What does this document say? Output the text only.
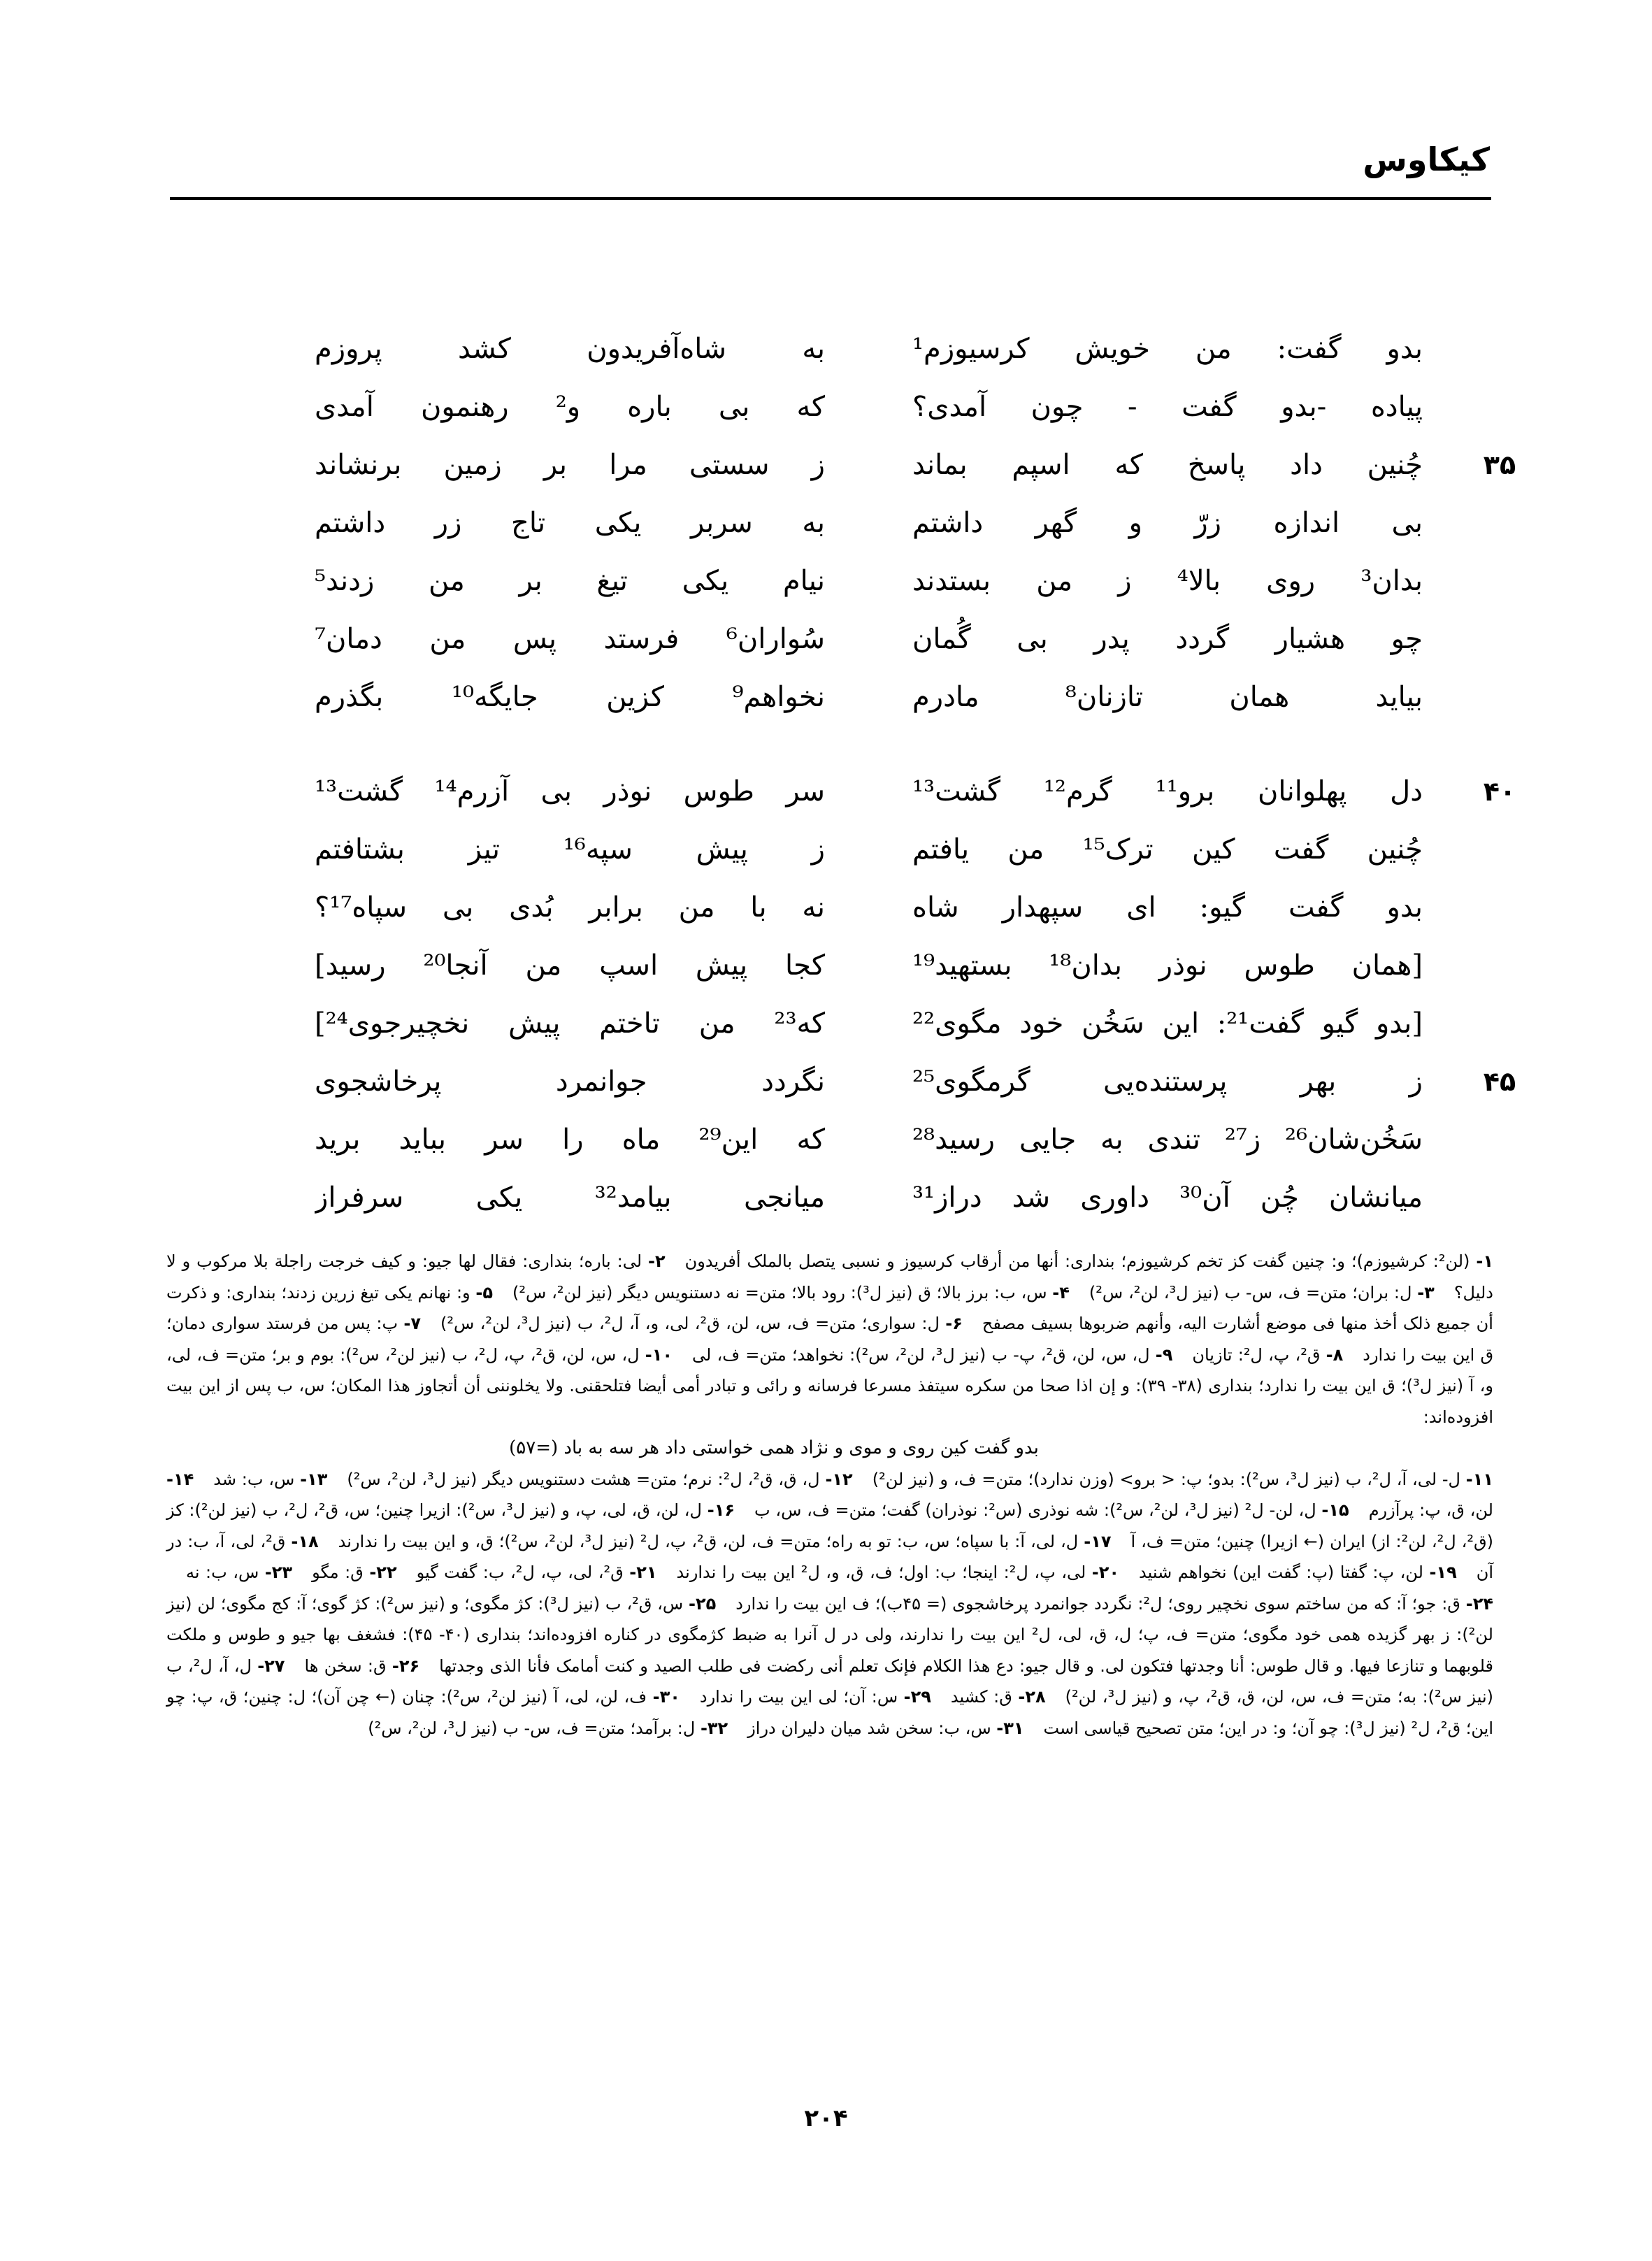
کیکاوس
بدو گفت: من خویش کرسیوزم¹
به شاه‌آفریدون کشد پروزم
پیاده -بدو گفت - چون آمدی؟
که بی باره و² رهنمون آمدی
۳۵
چُنین داد پاسخ که اسپم بماند
ز سستی مرا بر زمین برنشاند
بی اندازه زرّ و گهر داشتم
به سربر یکی تاج زر داشتم
بدان³ روی بالا⁴ ز من بستدند
نیام یکی تیغ بر من زدند⁵
چو هشیار گردد پدر بی گُمان
سُواران⁶ فرستد پس من دمان⁷
بیاید همان تازنان⁸ مادرم
نخواهم⁹ کزین جایگه¹⁰ بگذرم
۴۰
دل پهلوانان برو¹¹ گرم¹² گشت¹³
سر طوس نوذر بی آزرم¹⁴ گشت¹³
چُنین گفت کین ترک¹⁵ من یافتم
ز پیش سپه¹⁶ تیز بشتافتم
بدو گفت گیو: ای سپهدار شاه
نه با من برابر بُدی بی سپاه¹⁷؟
[همان طوس نوذر بدان¹⁸ بستهید¹⁹
کجا پیش اسپ من آنجا²⁰ رسید]
[بدو گیو گفت²¹: این سَخُن خود مگوی²²
که²³ من تاختم پیش نخچیرجوی²⁴]
۴۵
ز بهر پرستنده‌یی گرمگوی²⁵
نگردد جوانمرد پرخاشجوی
سَخُن‌شان²⁶ ز²⁷ تندی به جایی رسید²⁸
که این²⁹ ماه را سر بباید برید
میانشان چُن آن³⁰ داوری شد دراز³¹
میانجی بیامد³² یکی سرفراز
۱- (لن²: کرشیوزم)؛ و: چنین گفت کز تخم کرشیوزم؛ بنداری: أنها من أرقاب کرسیوز و نسبی یتصل بالملک أفریدون۲- لی: باره؛ بنداری: فقال لها جیو: و کیف خرجت راجلة بلا مرکوب و لا دلیل؟۳- ل: بران؛ متن= ف، س- ب (نیز ل³، لن²، س²)۴- س، ب: برز بالا؛ ق (نیز ل³): رود بالا؛ متن= نه دستنویس دیگر (نیز لن²، س²)۵- و: نهانم یکی تیغ زرین زدند؛ بنداری: و ذکرت أن جمیع ذلک أخذ منها فی موضع أشارت الیه، وأنهم ضربوها بسیف مصفح۶- ل: سواری؛ متن= ف، س، لن، ق²، لی، و، آ، ل²، ب (نیز ل³، لن²، س²)۷- پ: پس من فرستد سواری دمان؛ ق این بیت را ندارد۸- ق²، پ، ل²: تازیان۹- ل، س، لن، ق²، پ- ب (نیز ل³، لن²، س²): نخواهد؛ متن= ف، لی۱۰- ل، س، لن، ق²، پ، ل²، ب (نیز لن²، س²): بوم و بر؛ متن= ف، لی، و، آ (نیز ل³)؛ ق این بیت را ندارد؛ بنداری (۳۸- ۳۹): و إن اذا صحا من سکره سیتفذ مسرعا فرسانه و رائی و تبادر أمی أیضا فتلحقنی. ولا یخلوننی أن أتجاوز هذا المکان؛ س، ب پس از این بیت افزوده‌اند:
بدو گفت کین روی و موی و نژاد همی خواستی داد هر سه به باد (=۵۷)
۱۱- ل- لی، آ، ل²، ب (نیز ل³، س²): بدو؛ پ: < برو> (وزن ندارد)؛ متن= ف، و (نیز لن²)۱۲- ل، ق، ق²، ل²: نرم؛ متن= هشت دستنویس دیگر (نیز ل³، لن²، س²)۱۳- س، ب: شد۱۴- لن، ق، پ: پرآزرم۱۵- ل، لن- ل² (نیز ل³، لن²، س²): شه نوذری (س²: نوذران) گفت؛ متن= ف، س، ب۱۶- ل، لن، ق، لی، پ، و (نیز ل³، س²): ازیرا چنین؛ س، ق²، ل²، ب (نیز لن²): کز (ق²، ل²، لن²: از) ایران (← ازیرا) چنین؛ متن= ف، آ۱۷- ل، لی، آ: با سپاه؛ س، ب: تو به راه؛ متن= ف، لن، ق²، پ، ل² (نیز ل³، لن²، س²)؛ ق، و این بیت را ندارند۱۸- ق²، لی، آ، ب: در آن۱۹- لن، پ: گفتا (پ: گفت این) نخواهم شنید۲۰- لی، پ، ل²: اینجا؛ ب: اول؛ ف، ق، و، ل² این بیت را ندارند۲۱- ق²، لی، پ، ل²، ب: گفت گیو۲۲- ق: مگو۲۳- س، ب: نه۲۴- ق: جو؛ آ: که من ساختم سوی نخچیر روی؛ ل²: نگردد جوانمرد پرخاشجوی (= ۴۵ب)؛ ف این بیت را ندارد۲۵- س، ق²، ب (نیز ل³): کژ مگوی؛ و (نیز س²): کژ گوی؛ آ: کج مگوی؛ لن (نیز لن²): ز بهر گزیده همی خود مگوی؛ متن= ف، پ؛ ل، ق، لی، ل² این بیت را ندارند، ولی در ل آنرا به ضبط کژمگوی در کناره افزوده‌اند؛ بنداری (۴۰- ۴۵): فشغف بها جیو و طوس و ملکت قلوبهما و تنازعا فیها. و قال طوس: أنا وجدتها فتکون لی. و قال جیو: دع هذا الکلام فإنک تعلم أنی رکضت فی طلب الصید و کنت أمامک فأنا الذی وجدتها۲۶- ق: سخن ها۲۷- ل، آ، ل²، ب (نیز س²): به؛ متن= ف، س، لن، ق، ق²، پ، و (نیز ل³، لن²)۲۸- ق: کشید۲۹- س: آن؛ لی این بیت را ندارد۳۰- ف، لن، لی، آ (نیز لن²، س²): چنان (← چن آن)؛ ل: چنین؛ ق، پ: چو این؛ ق²، ل² (نیز ل³): چو آن؛ و: در این؛ متن تصحیح قیاسی است۳۱- س، ب: سخن شد میان دلیران دراز۳۲- ل: برآمد؛ متن= ف، س- ب (نیز ل³، لن²، س²)
۲۰۴
